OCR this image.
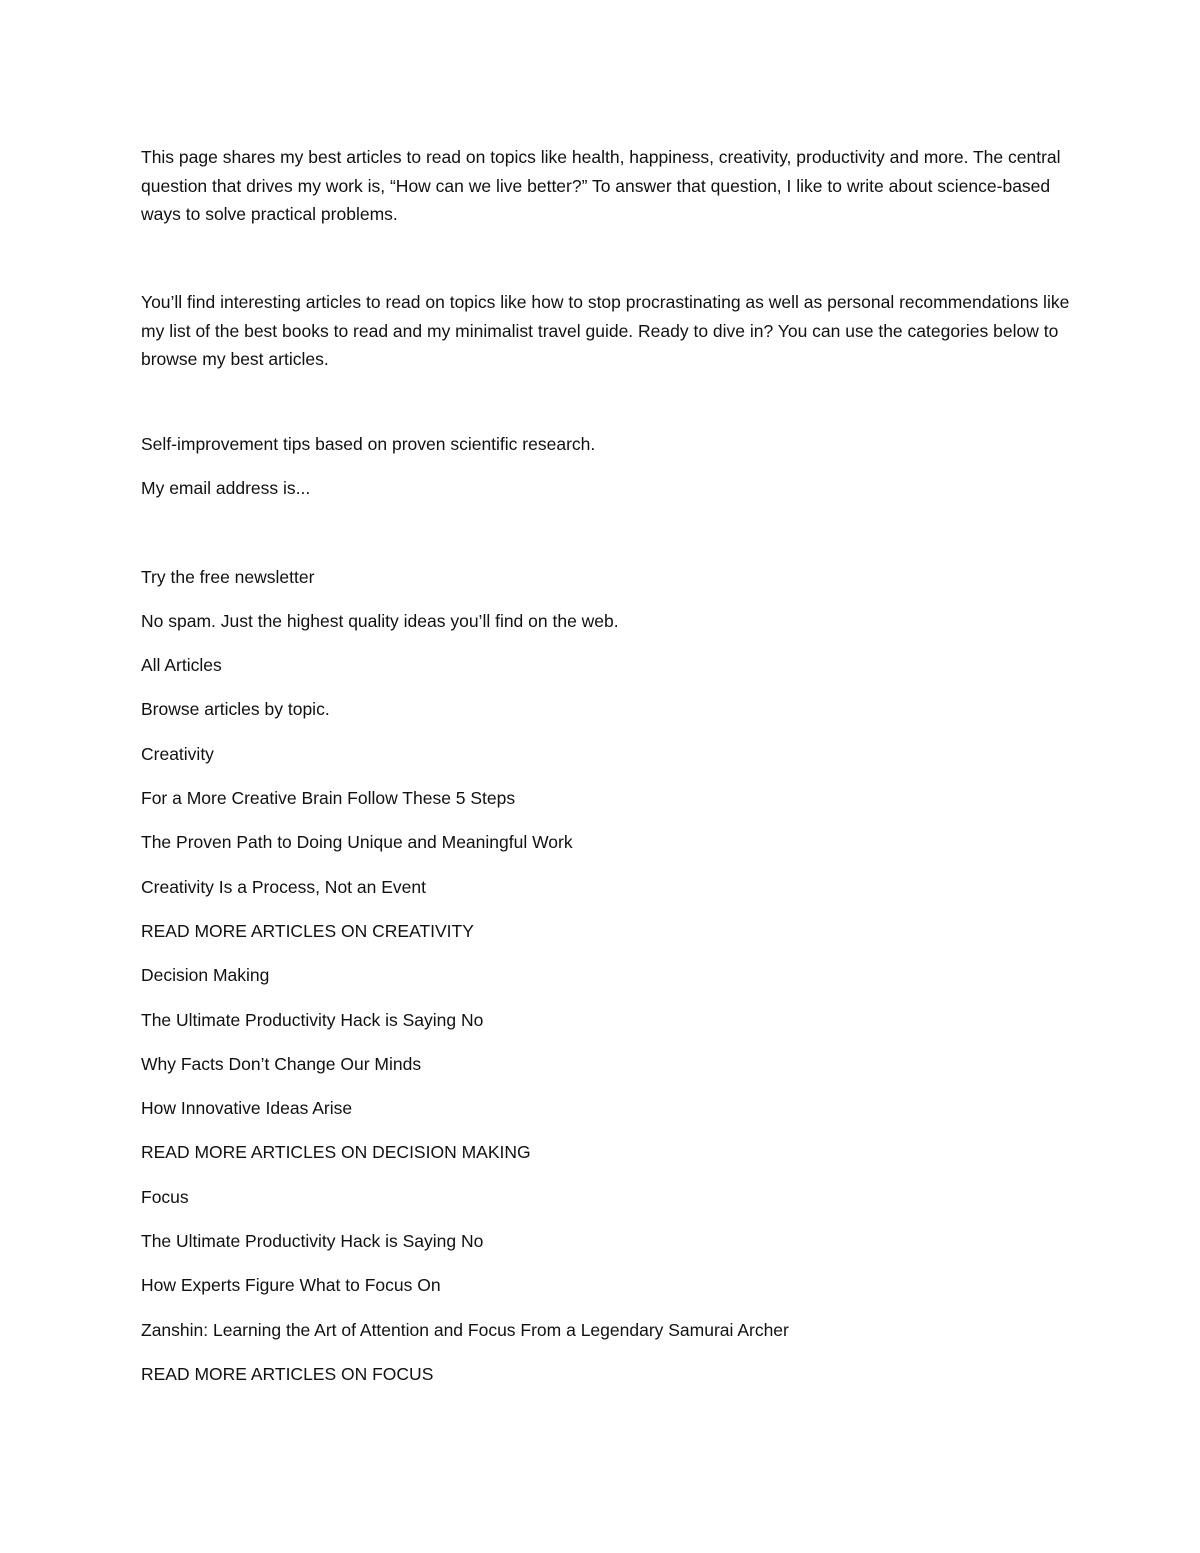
This page shares my best articles to read on topics like health, happiness, creativity, productivity and more. The central question that drives my work is, “How can we live better?” To answer that question, I like to write about science-based ways to solve practical problems.

You’ll find interesting articles to read on topics like how to stop procrastinating as well as personal recommendations like my list of the best books to read and my minimalist travel guide. Ready to dive in? You can use the categories below to browse my best articles.

Self-improvement tips based on proven scientific research.

My email address is...

Try the free newsletter

No spam. Just the highest quality ideas you’ll find on the web.

All Articles

Browse articles by topic.

Creativity

For a More Creative Brain Follow These 5 Steps

The Proven Path to Doing Unique and Meaningful Work

Creativity Is a Process, Not an Event

READ MORE ARTICLES ON CREATIVITY

Decision Making

The Ultimate Productivity Hack is Saying No

Why Facts Don’t Change Our Minds

How Innovative Ideas Arise

READ MORE ARTICLES ON DECISION MAKING

Focus

The Ultimate Productivity Hack is Saying No

How Experts Figure What to Focus On

Zanshin: Learning the Art of Attention and Focus From a Legendary Samurai Archer

READ MORE ARTICLES ON FOCUS
